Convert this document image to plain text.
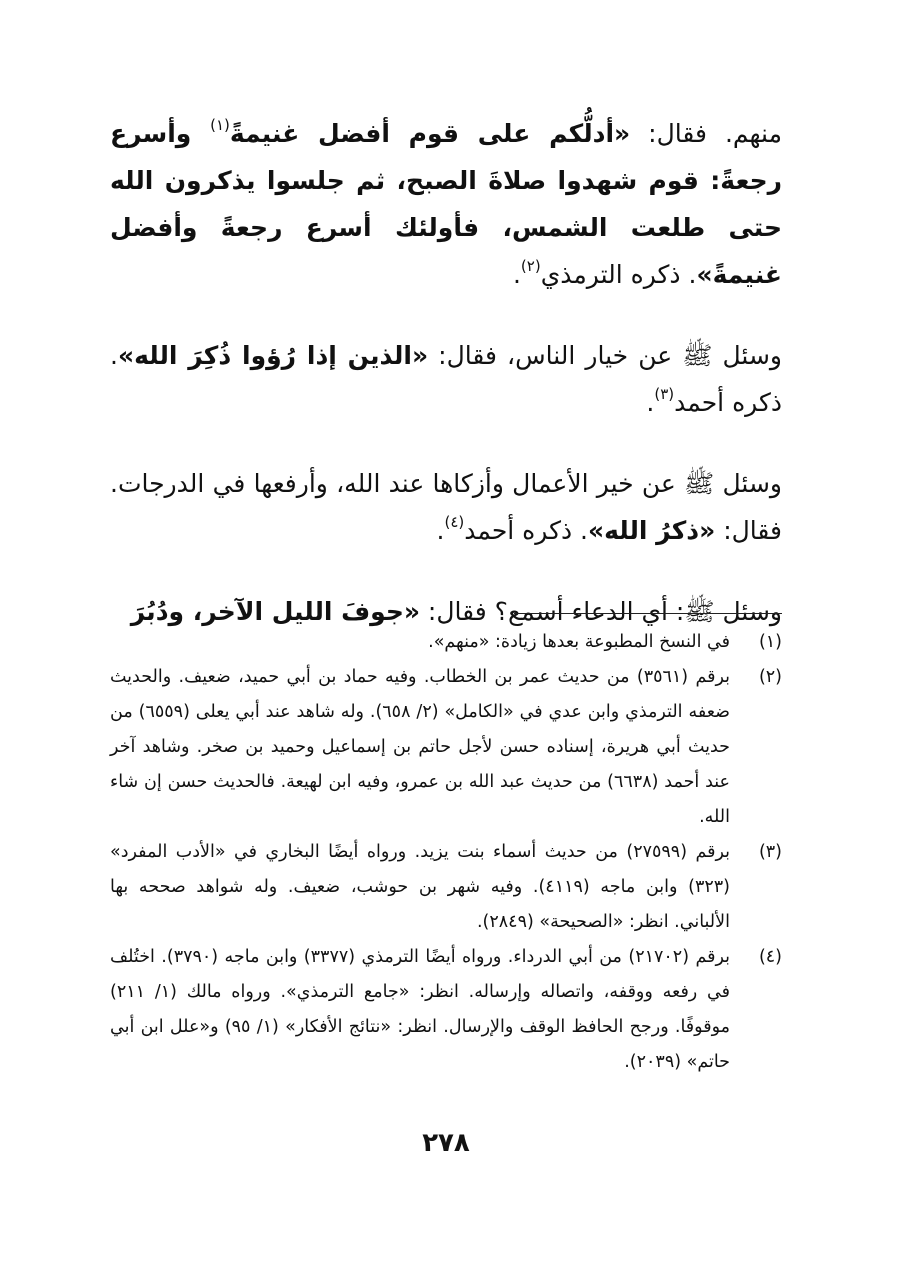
منهم. فقال: «أدلُّكم على قوم أفضل غنيمةً$^{(١)}$ وأسرع رجعةً: قوم شهدوا صلاةَ الصبح، ثم جلسوا يذكرون الله حتى طلعت الشمس، فأولئك أسرع رجعةً وأفضل غنيمةً». ذكره الترمذي$^{(٢)}$.

وسئل ﷺ عن خيار الناس، فقال: «الذين إذا رُؤوا ذُكِرَ الله». ذكره أحمد$^{(٣)}$.

وسئل ﷺ عن خير الأعمال وأزكاها عند الله، وأرفعها في الدرجات. فقال: «ذكرُ الله». ذكره أحمد$^{(٤)}$.

وسئل ﷺ: أي الدعاء أسمع؟ فقال: «جوفَ الليل الآخر، ودُبُرَ

(١)
في النسخ المطبوعة بعدها زيادة: «منهم».
(٢)
برقم (٣٥٦١) من حديث عمر بن الخطاب. وفيه حماد بن أبي حميد، ضعيف. والحديث ضعفه الترمذي وابن عدي في «الكامل» (٢/ ٦٥٨). وله شاهد عند أبي يعلى (٦٥٥٩) من حديث أبي هريرة، إسناده حسن لأجل حاتم بن إسماعيل وحميد بن صخر. وشاهد آخر عند أحمد (٦٦٣٨) من حديث عبد الله بن عمرو، وفيه ابن لهيعة. فالحديث حسن إن شاء الله.
(٣)
برقم (٢٧٥٩٩) من حديث أسماء بنت يزيد. ورواه أيضًا البخاري في «الأدب المفرد» (٣٢٣) وابن ماجه (٤١١٩). وفيه شهر بن حوشب، ضعيف. وله شواهد صححه بها الألباني. انظر: «الصحيحة» (٢٨٤٩).
(٤)
برقم (٢١٧٠٢) من أبي الدرداء. ورواه أيضًا الترمذي (٣٣٧٧) وابن ماجه (٣٧٩٠). اختُلف في رفعه ووقفه، واتصاله وإرساله. انظر: «جامع الترمذي». ورواه مالك (١/ ٢١١) موقوفًا. ورجح الحافظ الوقف والإرسال. انظر: «نتائج الأفكار» (١/ ٩٥) و«علل ابن أبي حاتم» (٢٠٣٩).
٢٧٨
